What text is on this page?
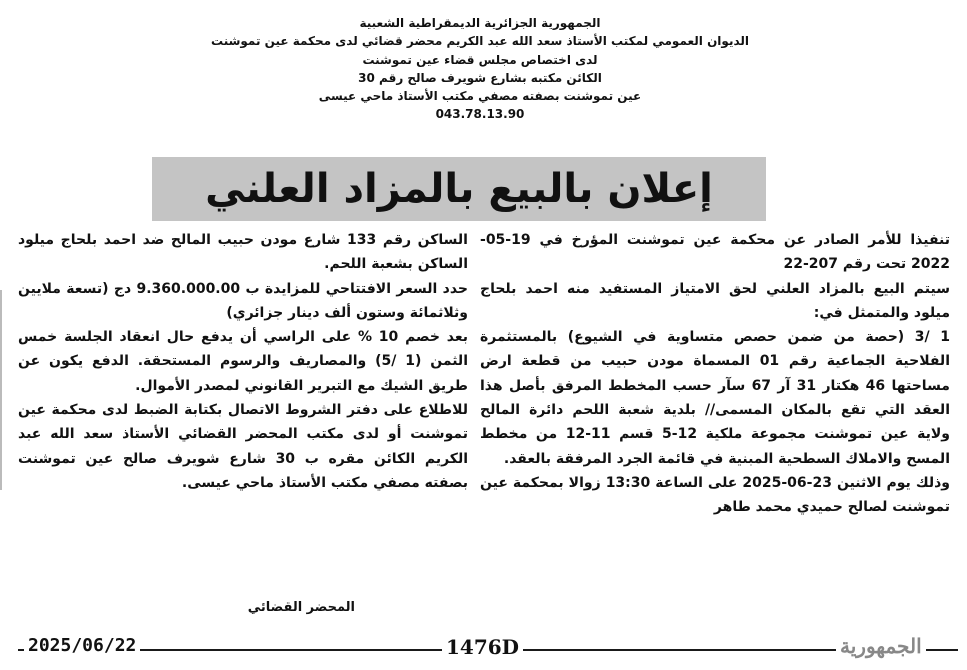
الجمهورية الجزائرية الديمقراطية الشعبية
الديوان العمومي لمكتب الأستاذ سعد الله عبد الكريم محضر قضائي لدى محكمة عين تموشنت
لدى اختصاص مجلس قضاء عين تموشنت
الكائن مكتبه بشارع شويرف صالح رقم 30
عين تموشنت بصفته مصفي مكتب الأستاذ ماحي عيسى
043.78.13.90
إعلان بالبيع بالمزاد العلني

تنفيذا للأمر الصادر عن محكمة عين تموشنت المؤرخ في 19-05-2022 تحت رقم 207-22

سيتم البيع بالمزاد العلني لحق الامتياز المستفيد منه احمد بلحاج ميلود والمتمثل في:

1 /3 (حصة من ضمن حصص متساوية في الشيوع) بالمستثمرة الفلاحية الجماعية رقم 01 المسماة مودن حبيب من قطعة ارض مساحتها 46 هكتار 31 آر 67 سآر حسب المخطط المرفق بأصل هذا العقد التي تقع بالمكان المسمى// بلدية شعبة اللحم دائرة المالح ولاية عين تموشنت مجموعة ملكية 12-5 قسم 11-12 من مخطط المسح والاملاك السطحية المبنية في قائمة الجرد المرفقة بالعقد.

وذلك يوم الاثنين 23-06-2025 على الساعة 13:30 زوالا بمحكمة عين تموشنت لصالح حميدي محمد طاهر

الساكن رقم 133 شارع مودن حبيب المالح ضد احمد بلحاج ميلود الساكن بشعبة اللحم.

حدد السعر الافتتاحي للمزايدة ب 9.360.000.00 دج (تسعة ملايين وثلاثمائة وستون ألف دينار جزائري)

بعد خصم 10 % على الراسي أن يدفع حال انعقاد الجلسة خمس الثمن (1 /5) والمصاريف والرسوم المستحقة. الدفع يكون عن طريق الشيك مع التبرير القانوني لمصدر الأموال.

للاطلاع على دفتر الشروط الاتصال بكتابة الضبط لدى محكمة عين تموشنت أو لدى مكتب المحضر القضائي الأستاذ سعد الله عبد الكريم الكائن مقره ب 30 شارع شويرف صالح عين تموشنت بصفته مصفي مكتب الأستاذ ماحي عيسى.

المحضر القضائي
2025/06/22	1476D	الجمهورية
